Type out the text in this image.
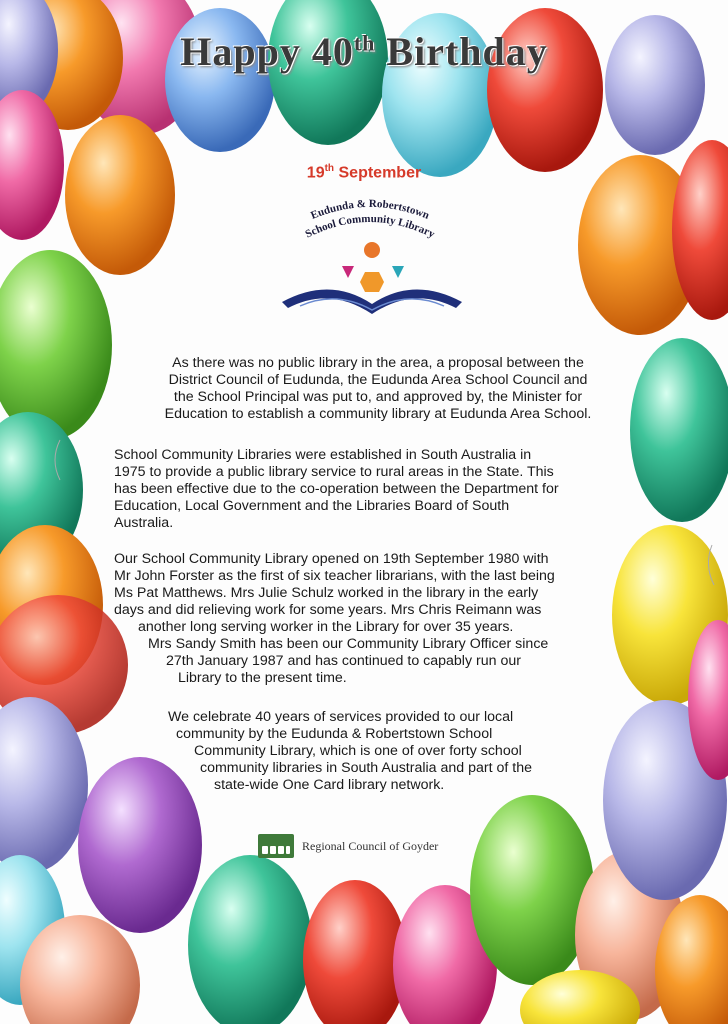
Happy 40th Birthday
19th September
Eudunda & Robertstown
School Community Library
As there was no public library in the area, a proposal between the
District Council of Eudunda, the Eudunda Area School Council and
the School Principal was put to, and approved by, the Minister for
Education to establish a community library at Eudunda Area School.
School Community Libraries were established in South Australia in
1975 to provide a public library service to rural areas in the State. This
has been effective due to the co-operation between the Department for
Education, Local Government and the Libraries Board of South
Australia.
Our School Community Library opened on 19th September 1980 with
Mr John Forster as the first of six teacher librarians, with the last being
Ms Pat Matthews. Mrs Julie Schulz worked in the library in the early
days and did relieving work for some years. Mrs Chris Reimann was
another long serving worker in the Library for over 35 years.
Mrs Sandy Smith has been our Community Library Officer since
27th January 1987 and has continued to capably run our
Library to the present time.
We celebrate 40 years of services provided to our local
community by the Eudunda & Robertstown School
Community Library, which is one of over forty school
community libraries in South Australia and part of the
state-wide One Card library network.
Regional Council of Goyder
